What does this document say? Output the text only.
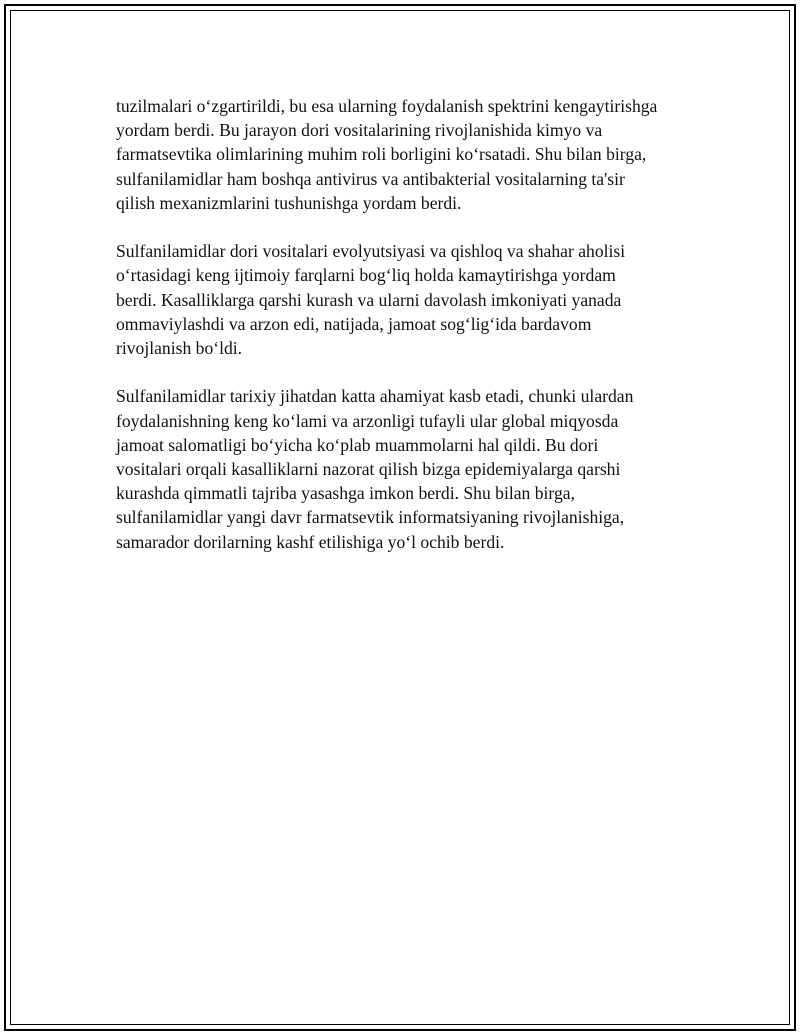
tuzilmalari o‘zgartirildi, bu esa ularning foydalanish spektrini kengaytirishga
yordam berdi. Bu jarayon dori vositalarining rivojlanishida kimyo va
farmatsevtika olimlarining muhim roli borligini ko‘rsatadi. Shu bilan birga,
sulfanilamidlar ham boshqa antivirus va antibakterial vositalarning ta'sir
qilish mexanizmlarini tushunishga yordam berdi.

Sulfanilamidlar dori vositalari evolyutsiyasi va qishloq va shahar aholisi
o‘rtasidagi keng ijtimoiy farqlarni bog‘liq holda kamaytirishga yordam
berdi. Kasalliklarga qarshi kurash va ularni davolash imkoniyati yanada
ommaviylashdi va arzon edi, natijada, jamoat sog‘lig‘ida bardavom
rivojlanish bo‘ldi.

Sulfanilamidlar tarixiy jihatdan katta ahamiyat kasb etadi, chunki ulardan
foydalanishning keng ko‘lami va arzonligi tufayli ular global miqyosda
jamoat salomatligi bo‘yicha ko‘plab muammolarni hal qildi. Bu dori
vositalari orqali kasalliklarni nazorat qilish bizga epidemiyalarga qarshi
kurashda qimmatli tajriba yasashga imkon berdi. Shu bilan birga,
sulfanilamidlar yangi davr farmatsevtik informatsiyaning rivojlanishiga,
samarador dorilarning kashf etilishiga yo‘l ochib berdi.
